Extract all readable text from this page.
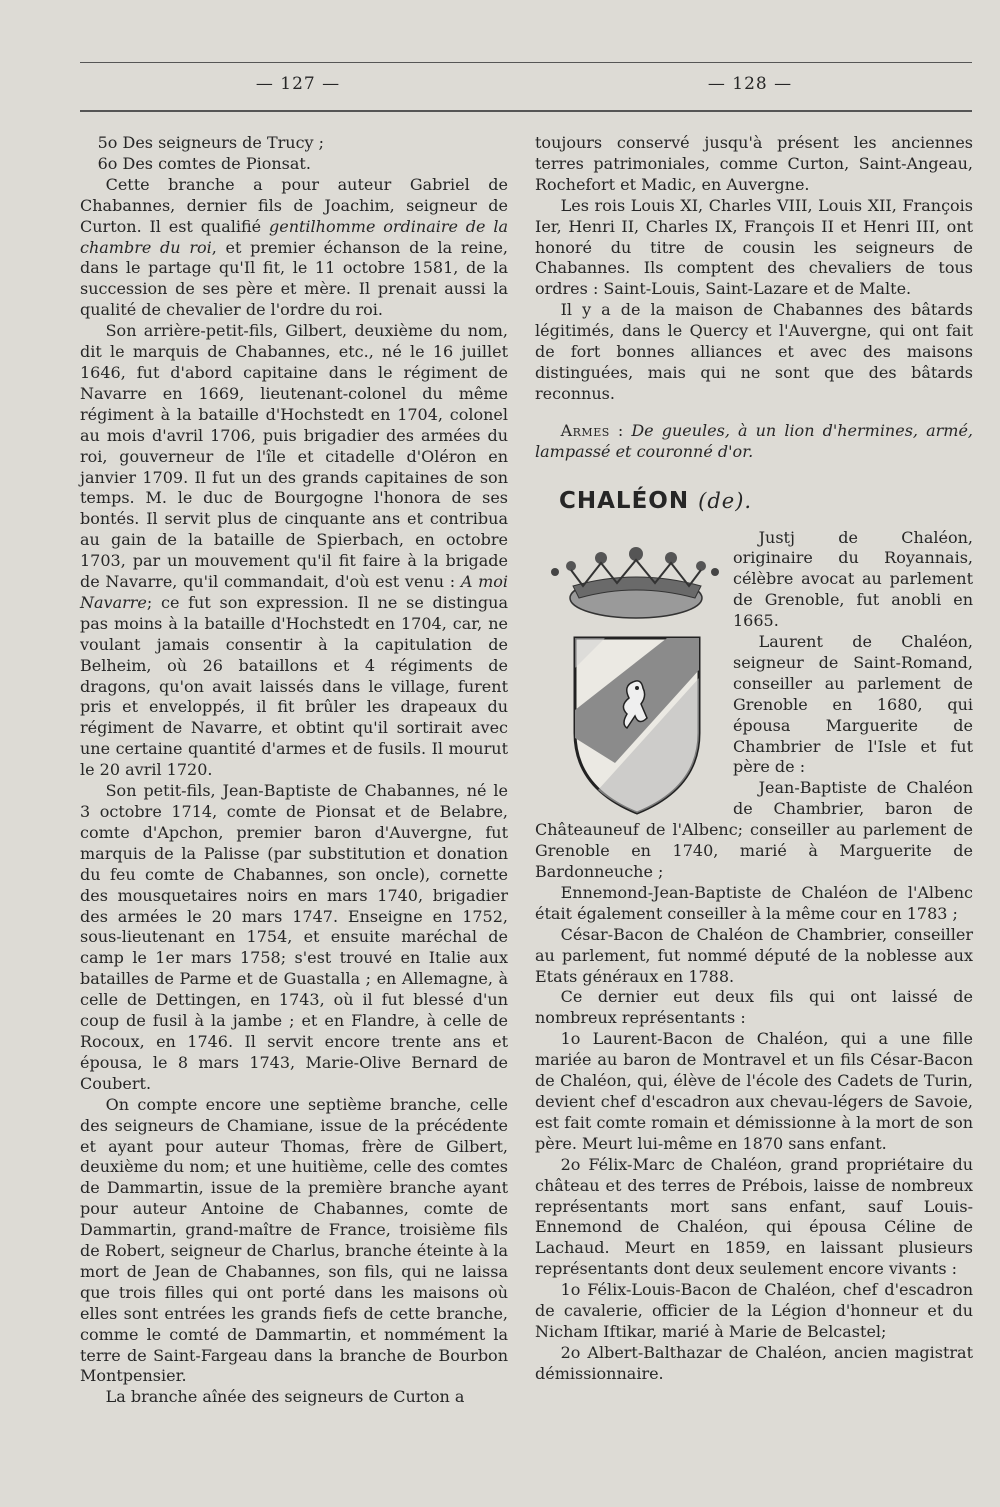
— 127 —	— 128 —

5o Des seigneurs de Trucy ;

6o Des comtes de Pionsat.

Cette branche a pour auteur Gabriel de Chabannes, dernier fils de Joachim, seigneur de Curton. Il est qualifié gentilhomme ordinaire de la chambre du roi, et premier échanson de la reine, dans le partage qu'Il fit, le 11 octobre 1581, de la succession de ses père et mère. Il prenait aussi la qualité de chevalier de l'ordre du roi.

Son arrière-petit-fils, Gilbert, deuxième du nom, dit le marquis de Chabannes, etc., né le 16 juillet 1646, fut d'abord capitaine dans le régiment de Navarre en 1669, lieutenant-colonel du même régiment à la bataille d'Hochstedt en 1704, colonel au mois d'avril 1706, puis brigadier des armées du roi, gouverneur de l'île et citadelle d'Oléron en janvier 1709. Il fut un des grands capitaines de son temps. M. le duc de Bourgogne l'honora de ses bontés. Il servit plus de cinquante ans et contribua au gain de la bataille de Spierbach, en octobre 1703, par un mouvement qu'il fit faire à la brigade de Navarre, qu'il commandait, d'où est venu : A moi Navarre; ce fut son expression. Il ne se distingua pas moins à la bataille d'Hochstedt en 1704, car, ne voulant jamais consentir à la capitulation de Belheim, où 26 bataillons et 4 régiments de dragons, qu'on avait laissés dans le village, furent pris et enveloppés, il fit brûler les drapeaux du régiment de Navarre, et obtint qu'il sortirait avec une certaine quantité d'armes et de fusils. Il mourut le 20 avril 1720.

Son petit-fils, Jean-Baptiste de Chabannes, né le 3 octobre 1714, comte de Pionsat et de Belabre, comte d'Apchon, premier baron d'Auvergne, fut marquis de la Palisse (par substitution et donation du feu comte de Chabannes, son oncle), cornette des mousquetaires noirs en mars 1740, brigadier des armées le 20 mars 1747. Enseigne en 1752, sous-lieutenant en 1754, et ensuite maréchal de camp le 1er mars 1758; s'est trouvé en Italie aux batailles de Parme et de Guastalla ; en Allemagne, à celle de Dettingen, en 1743, où il fut blessé d'un coup de fusil à la jambe ; et en Flandre, à celle de Rocoux, en 1746. Il servit encore trente ans et épousa, le 8 mars 1743, Marie-Olive Bernard de Coubert.

On compte encore une septième branche, celle des seigneurs de Chamiane, issue de la précédente et ayant pour auteur Thomas, frère de Gilbert, deuxième du nom; et une huitième, celle des comtes de Dammartin, issue de la première branche ayant pour auteur Antoine de Chabannes, comte de Dammartin, grand-maître de France, troisième fils de Robert, seigneur de Charlus, branche éteinte à la mort de Jean de Chabannes, son fils, qui ne laissa que trois filles qui ont porté dans les maisons où elles sont entrées les grands fiefs de cette branche, comme le comté de Dammartin, et nommément la terre de Saint-Fargeau dans la branche de Bourbon Montpensier.

La branche aînée des seigneurs de Curton a

toujours conservé jusqu'à présent les anciennes terres patrimoniales, comme Curton, Saint-Angeau, Rochefort et Madic, en Auvergne.

Les rois Louis XI, Charles VIII, Louis XII, François Ier, Henri II, Charles IX, François II et Henri III, ont honoré du titre de cousin les seigneurs de Chabannes. Ils comptent des chevaliers de tous ordres : Saint-Louis, Saint-Lazare et de Malte.

Il y a de la maison de Chabannes des bâtards légitimés, dans le Quercy et l'Auvergne, qui ont fait de fort bonnes alliances et avec des maisons distinguées, mais qui ne sont que des bâtards reconnus.

Armes : De gueules, à un lion d'hermines, armé, lampassé et couronné d'or.

CHALÉON (de).

Justj de Chaléon, originaire du Royannais, célèbre avocat au parlement de Grenoble, fut anobli en 1665.

Laurent de Chaléon, seigneur de Saint-Romand, conseiller au parlement de Grenoble en 1680, qui épousa Marguerite de Chambrier de l'Isle et fut père de :

Jean-Baptiste de Chaléon de Chambrier, baron de Châteauneuf de l'Albenc; conseiller au parlement de Grenoble en 1740, marié à Marguerite de Bardonneuche ;

Ennemond-Jean-Baptiste de Chaléon de l'Albenc était également conseiller à la même cour en 1783 ;

César-Bacon de Chaléon de Chambrier, conseiller au parlement, fut nommé député de la noblesse aux Etats généraux en 1788.

Ce dernier eut deux fils qui ont laissé de nombreux représentants :

1o Laurent-Bacon de Chaléon, qui a une fille mariée au baron de Montravel et un fils César-Bacon de Chaléon, qui, élève de l'école des Cadets de Turin, devient chef d'escadron aux chevau-légers de Savoie, est fait comte romain et démissionne à la mort de son père. Meurt lui-même en 1870 sans enfant.

2o Félix-Marc de Chaléon, grand propriétaire du château et des terres de Prébois, laisse de nombreux représentants mort sans enfant, sauf Louis-Ennemond de Chaléon, qui épousa Céline de Lachaud. Meurt en 1859, en laissant plusieurs représentants dont deux seulement encore vivants :

1o Félix-Louis-Bacon de Chaléon, chef d'escadron de cavalerie, officier de la Légion d'honneur et du Nicham Iftikar, marié à Marie de Belcastel;

2o Albert-Balthazar de Chaléon, ancien magistrat démissionnaire.
